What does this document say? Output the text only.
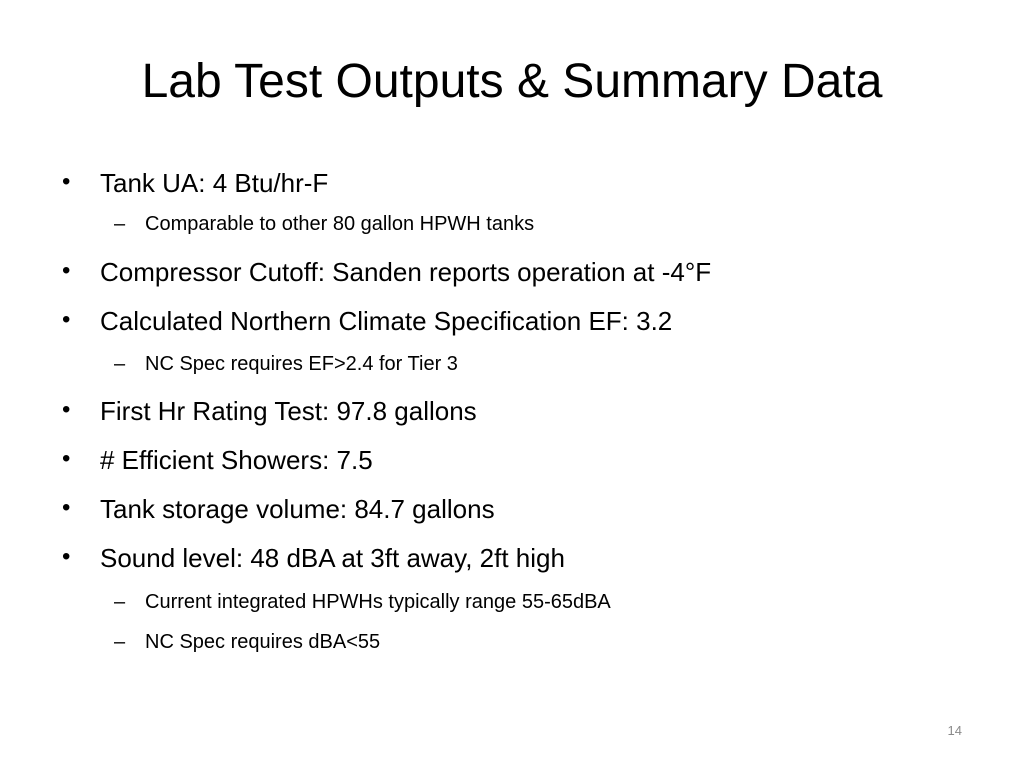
Lab Test Outputs & Summary Data
•	Tank UA: 4 Btu/hr-F
– Comparable to other 80 gallon HPWH tanks
•	Compressor Cutoff: Sanden reports operation at -4°F
•	Calculated Northern Climate Specification EF: 3.2
– NC Spec requires EF>2.4 for Tier 3
•	First Hr Rating Test: 97.8 gallons
•	# Efficient Showers: 7.5
•	Tank storage volume: 84.7 gallons
•	Sound level: 48 dBA at 3ft away, 2ft high
– Current integrated HPWHs typically range 55-65dBA
– NC Spec requires dBA<55
14
